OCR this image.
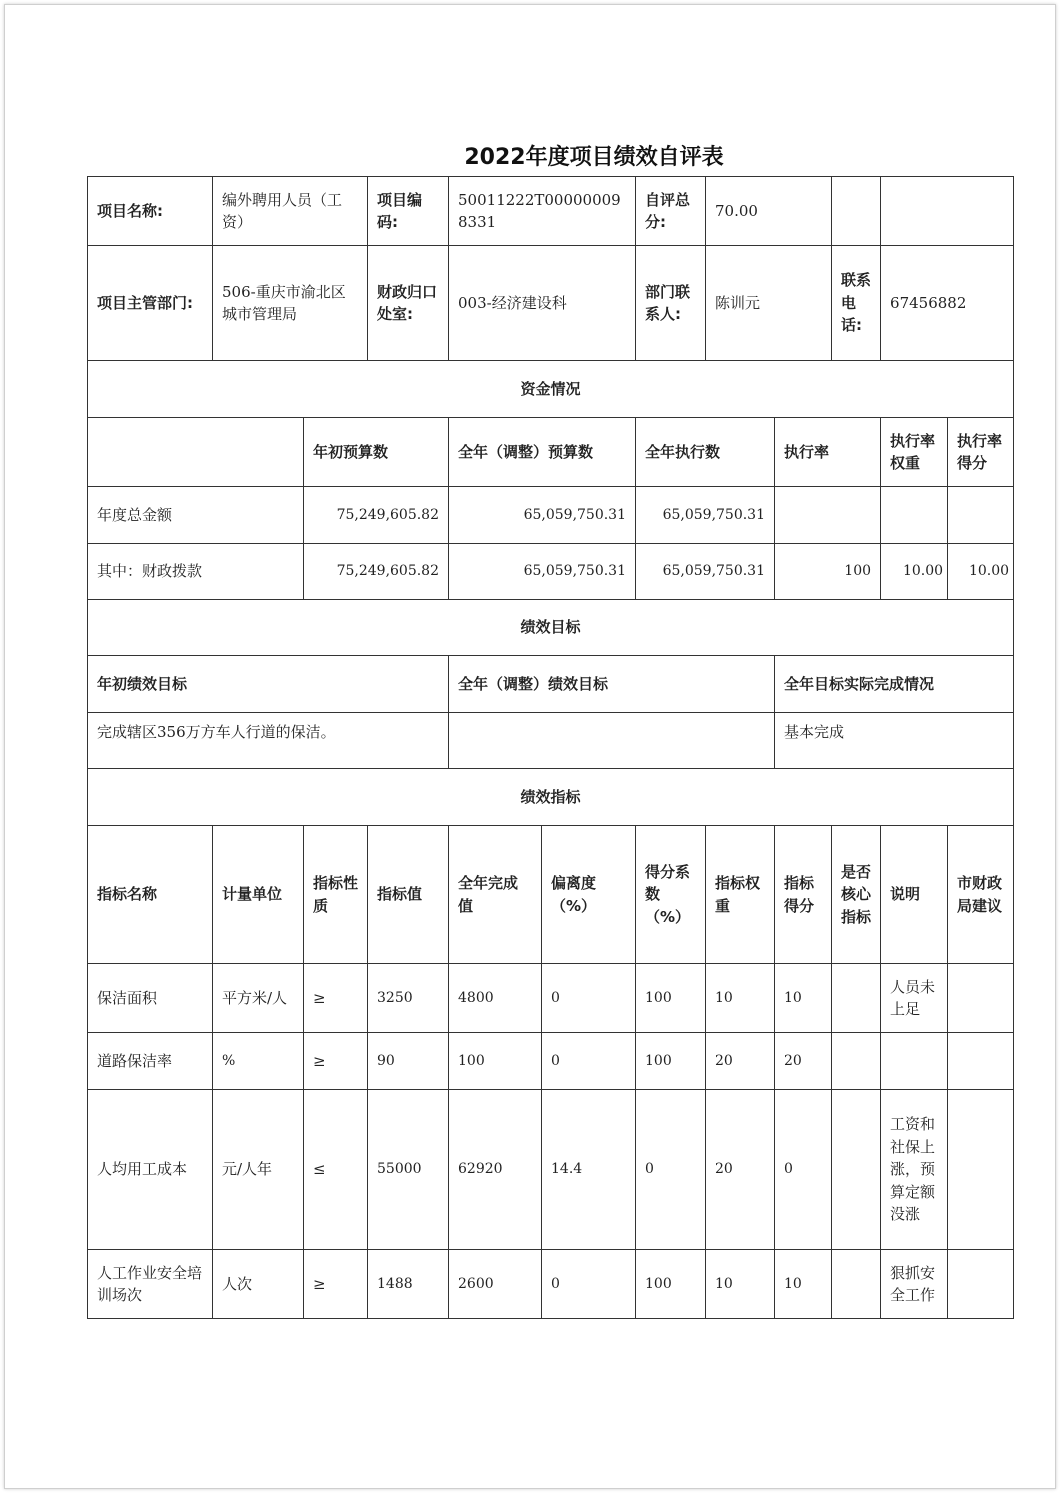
2022年度项目绩效自评表
项目名称:	编外聘用人员（工资）		项目编码:	50011222T000000098331		自评总分:	70.00				
项目主管部门:	506-重庆市渝北区城市管理局		财政归口处室:	003-经济建设科		部门联系人:	陈训元		联系电话:	67456882	
资金情况											
		年初预算数		全年（调整）预算数		全年执行数		执行率		执行率权重	执行率得分
年度总金额		75,249,605.82		65,059,750.31		65,059,750.31					
其中：财政拨款		75,249,605.82		65,059,750.31		65,059,750.31		100		10.00	10.00
绩效目标											
年初绩效目标				全年（调整）绩效目标				全年目标实际完成情况			
完成辖区356万方车人行道的保洁。								基本完成			
绩效指标											
指标名称	计量单位	指标性质	指标值	全年完成值	偏离度（%）	得分系数（%）	指标权重	指标得分	是否核心指标	说明	市财政局建议
保洁面积	平方米/人	≥	3250	4800	0	100	10	10		人员未上足	
道路保洁率	%	≥	90	100	0	100	20	20			
人均用工成本	元/人年	≤	55000	62920	14.4	0	20	0		工资和社保上涨，预算定额没涨	
人工作业安全培训场次	人次	≥	1488	2600	0	100	10	10		狠抓安全工作	
